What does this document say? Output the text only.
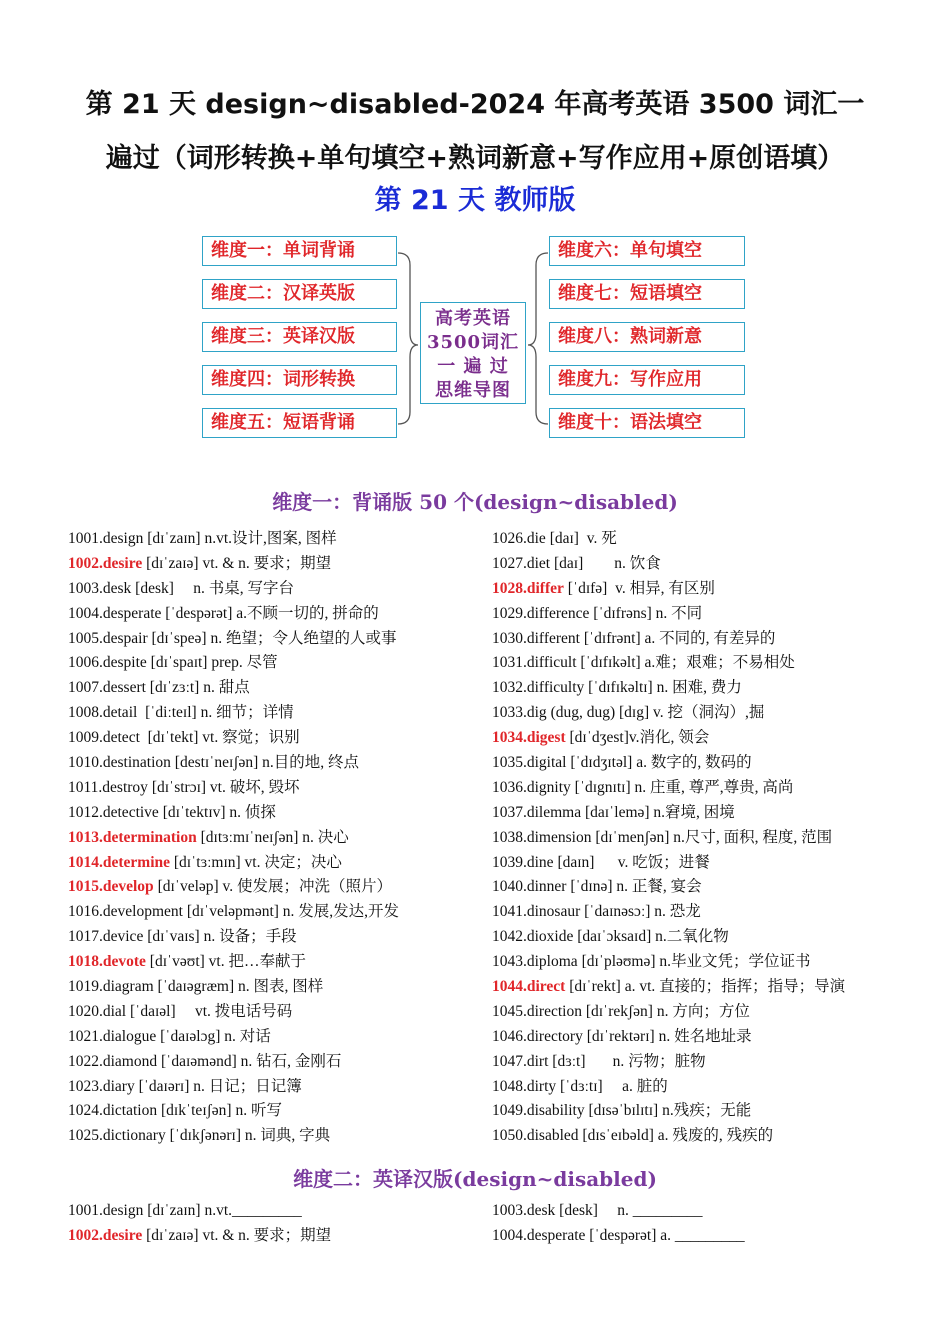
第 21 天 design~disabled-2024 年高考英语 3500 词汇一
遍过（词形转换+单句填空+熟词新意+写作应用+原创语填）
第 21 天 教师版
维度一：单词背诵
维度二：汉译英版
维度三：英译汉版
维度四：词形转换
维度五：短语背诵
高考英语
3500词汇
一 遍 过
思维导图
维度六：单句填空
维度七：短语填空
维度八：熟词新意
维度九：写作应用
维度十：语法填空
维度一：背诵版 50 个(design~disabled)
1001.design [dɪˈzaɪn] n.vt.设计,图案, 图样
1002.desire [dɪˈzaɪə] vt. & n. 要求；期望
1003.desk [desk]     n. 书桌, 写字台
1004.desperate [ˈdespərət] a.不顾一切的, 拼命的
1005.despair [dɪˈspeə] n. 绝望；令人绝望的人或事
1006.despite [dɪˈspaɪt] prep. 尽管
1007.dessert [dɪˈzɜːt] n. 甜点
1008.detail  [ˈdiːteɪl] n. 细节；详情
1009.detect  [dɪˈtekt] vt. 察觉；识别
1010.destination [destɪˈneɪʃən] n.目的地, 终点
1011.destroy [dɪˈstrɔɪ] vt. 破坏, 毁坏
1012.detective [dɪˈtektɪv] n. 侦探
1013.determination [dɪtɜːmɪˈneɪʃən] n. 决心
1014.determine [dɪˈtɜːmɪn] vt. 决定；决心
1015.develop [dɪˈveləp] v. 使发展；冲洗（照片）
1016.development [dɪˈveləpmənt] n. 发展,发达,开发
1017.device [dɪˈvaɪs] n. 设备；手段
1018.devote [dɪˈvəʊt] vt. 把…奉献于
1019.diagram [ˈdaɪəgræm] n. 图表, 图样
1020.dial [ˈdaɪəl]     vt. 拨电话号码
1021.dialogue [ˈdaɪəlɔg] n. 对话
1022.diamond [ˈdaɪəmənd] n. 钻石, 金刚石
1023.diary [ˈdaɪərɪ] n. 日记；日记簿
1024.dictation [dɪkˈteɪʃən] n. 听写
1025.dictionary [ˈdɪkʃənərɪ] n. 词典, 字典
1026.die [daɪ]  v. 死
1027.diet [daɪ]        n. 饮食
1028.differ [ˈdɪfə]  v. 相异, 有区别
1029.difference [ˈdɪfrəns] n. 不同
1030.different [ˈdɪfrənt] a. 不同的, 有差异的
1031.difficult [ˈdɪfɪkəlt] a.难；艰难；不易相处
1032.difficulty [ˈdɪfɪkəltɪ] n. 困难, 费力
1033.dig (dug, dug) [dɪg] v. 挖（洞沟）,掘
1034.digest [dɪˈdʒest]v.消化, 领会
1035.digital [ˈdɪdʒɪtəl] a. 数字的, 数码的
1036.dignity [ˈdɪgnɪtɪ] n. 庄重, 尊严,尊贵, 高尚
1037.dilemma [daɪˈlemə] n.窘境, 困境
1038.dimension [dɪˈmenʃən] n.尺寸, 面积, 程度, 范围
1039.dine [daɪn]      v. 吃饭；进餐
1040.dinner [ˈdɪnə] n. 正餐, 宴会
1041.dinosaur [ˈdaɪnəsɔː] n. 恐龙
1042.dioxide [daɪˈɔksaɪd] n.二氧化物
1043.diploma [dɪˈpləʊmə] n.毕业文凭；学位证书
1044.direct [dɪˈrekt] a. vt. 直接的；指挥；指导；导演
1045.direction [dɪˈrekʃən] n. 方向；方位
1046.directory [dɪˈrektərɪ] n. 姓名地址录
1047.dirt [dɜːt]       n. 污物；脏物
1048.dirty [ˈdɜːtɪ]     a. 脏的
1049.disability [dɪsəˈbɪlɪtɪ] n.残疾；无能
1050.disabled [dɪsˈeɪbəld] a. 残废的, 残疾的
维度二：英译汉版(design~disabled)
1001.design [dɪˈzaɪn] n.vt._________
1002.desire [dɪˈzaɪə] vt. & n. 要求；期望
1003.desk [desk]     n. _________
1004.desperate [ˈdespərət] a. _________
